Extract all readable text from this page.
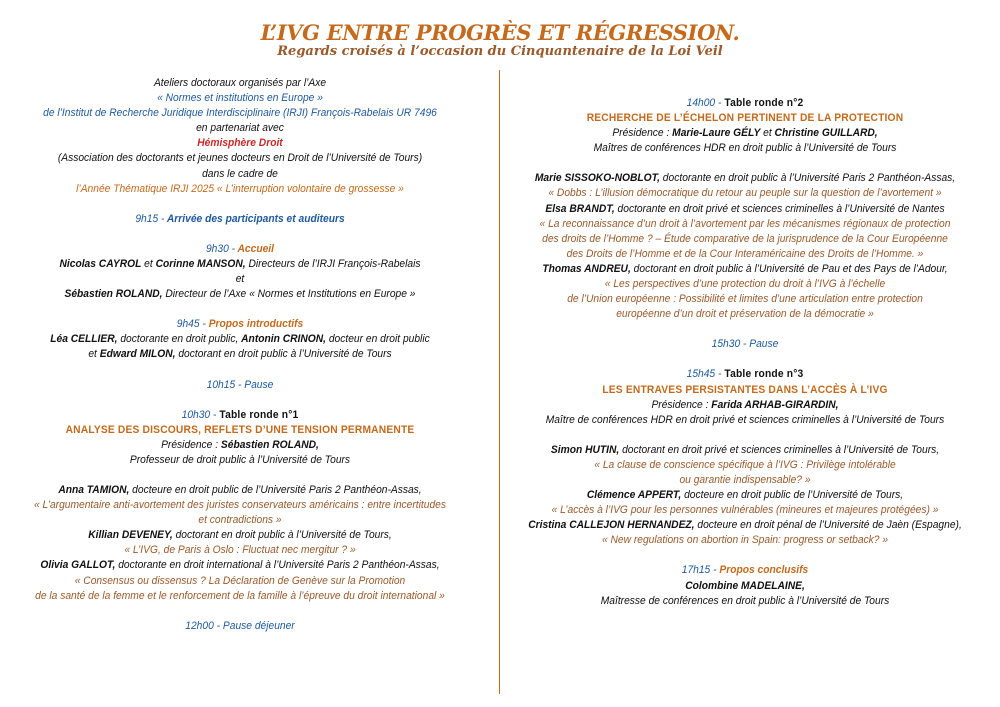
L’IVG ENTRE PROGRÈS ET RÉGRESSION.
Regards croisés à l’occasion du Cinquantenaire de la Loi Veil

Ateliers doctoraux organisés par l’Axe

« Normes et institutions en Europe »

de l’Institut de Recherche Juridique Interdisciplinaire (IRJI) François-Rabelais UR 7496

en partenariat avec

Hémisphère Droit

(Association des doctorants et jeunes docteurs en Droit de l’Université de Tours)

dans le cadre de

l’Année Thématique IRJI 2025 « L’interruption volontaire de grossesse »

9h15 - Arrivée des participants et auditeurs

9h30 - Accueil

Nicolas CAYROL et Corinne MANSON, Directeurs de l’IRJI François-Rabelais

et

Sébastien ROLAND, Directeur de l’Axe « Normes et Institutions en Europe »

9h45 - Propos introductifs

Léa CELLIER, doctorante en droit public, Antonin CRINON, docteur en droit public

et Edward MILON, doctorant en droit public à l’Université de Tours

10h15 - Pause

10h30 - Table ronde n°1

ANALYSE DES DISCOURS, REFLETS D’UNE TENSION PERMANENTE

Présidence : Sébastien ROLAND,

Professeur de droit public à l’Université de Tours

Anna TAMION, docteure en droit public de l’Université Paris 2 Panthéon-Assas,

« L’argumentaire anti-avortement des juristes conservateurs américains : entre incertitudes

et contradictions »

Killian DEVENEY, doctorant en droit public à l’Université de Tours,

« L’IVG, de Paris à Oslo : Fluctuat nec mergitur ? »

Olivia GALLOT, doctorante en droit international à l’Université Paris 2 Panthéon-Assas,

« Consensus ou dissensus ? La Déclaration de Genève sur la Promotion

de la santé de la femme et le renforcement de la famille à l’épreuve du droit international »

12h00 - Pause déjeuner

14h00 - Table ronde n°2

RECHERCHE DE L’ÉCHELON PERTINENT DE LA PROTECTION

Présidence : Marie-Laure GÉLY et Christine GUILLARD,

Maîtres de conférences HDR en droit public à l’Université de Tours

Marie SISSOKO-NOBLOT, doctorante en droit public à l’Université Paris 2 Panthéon-Assas,

« Dobbs : L’illusion démocratique du retour au peuple sur la question de l’avortement »

Elsa BRANDT, doctorante en droit privé et sciences criminelles à l’Université de Nantes

« La reconnaissance d’un droit à l’avortement par les mécanismes régionaux de protection

des droits de l’Homme ? – Étude comparative de la jurisprudence de la Cour Européenne

des Droits de l’Homme et de la Cour Interaméricaine des Droits de l’Homme. »

Thomas ANDREU, doctorant en droit public à l’Université de Pau et des Pays de l’Adour,

« Les perspectives d’une protection du droit à l’IVG à l’échelle

de l’Union européenne : Possibilité et limites d’une articulation entre protection

européenne d’un droit et préservation de la démocratie »

15h30 - Pause

15h45 - Table ronde n°3

LES ENTRAVES PERSISTANTES DANS L’ACCÈS À L’IVG

Présidence : Farida ARHAB-GIRARDIN,

Maître de conférences HDR en droit privé et sciences criminelles à l’Université de Tours

Simon HUTIN, doctorant en droit privé et sciences criminelles à l’Université de Tours,

« La clause de conscience spécifique à l’IVG : Privilège intolérable

ou garantie indispensable? »

Clémence APPERT, docteure en droit public de l’Université de Tours,

« L’accès à l’IVG pour les personnes vulnérables (mineures et majeures protégées) »

Cristina CALLEJON HERNANDEZ, docteure en droit pénal de l’Université de Jaèn (Espagne),

« New regulations on abortion in Spain: progress or setback? »

17h15 - Propos conclusifs

Colombine MADELAINE,

Maîtresse de conférences en droit public à l’Université de Tours
